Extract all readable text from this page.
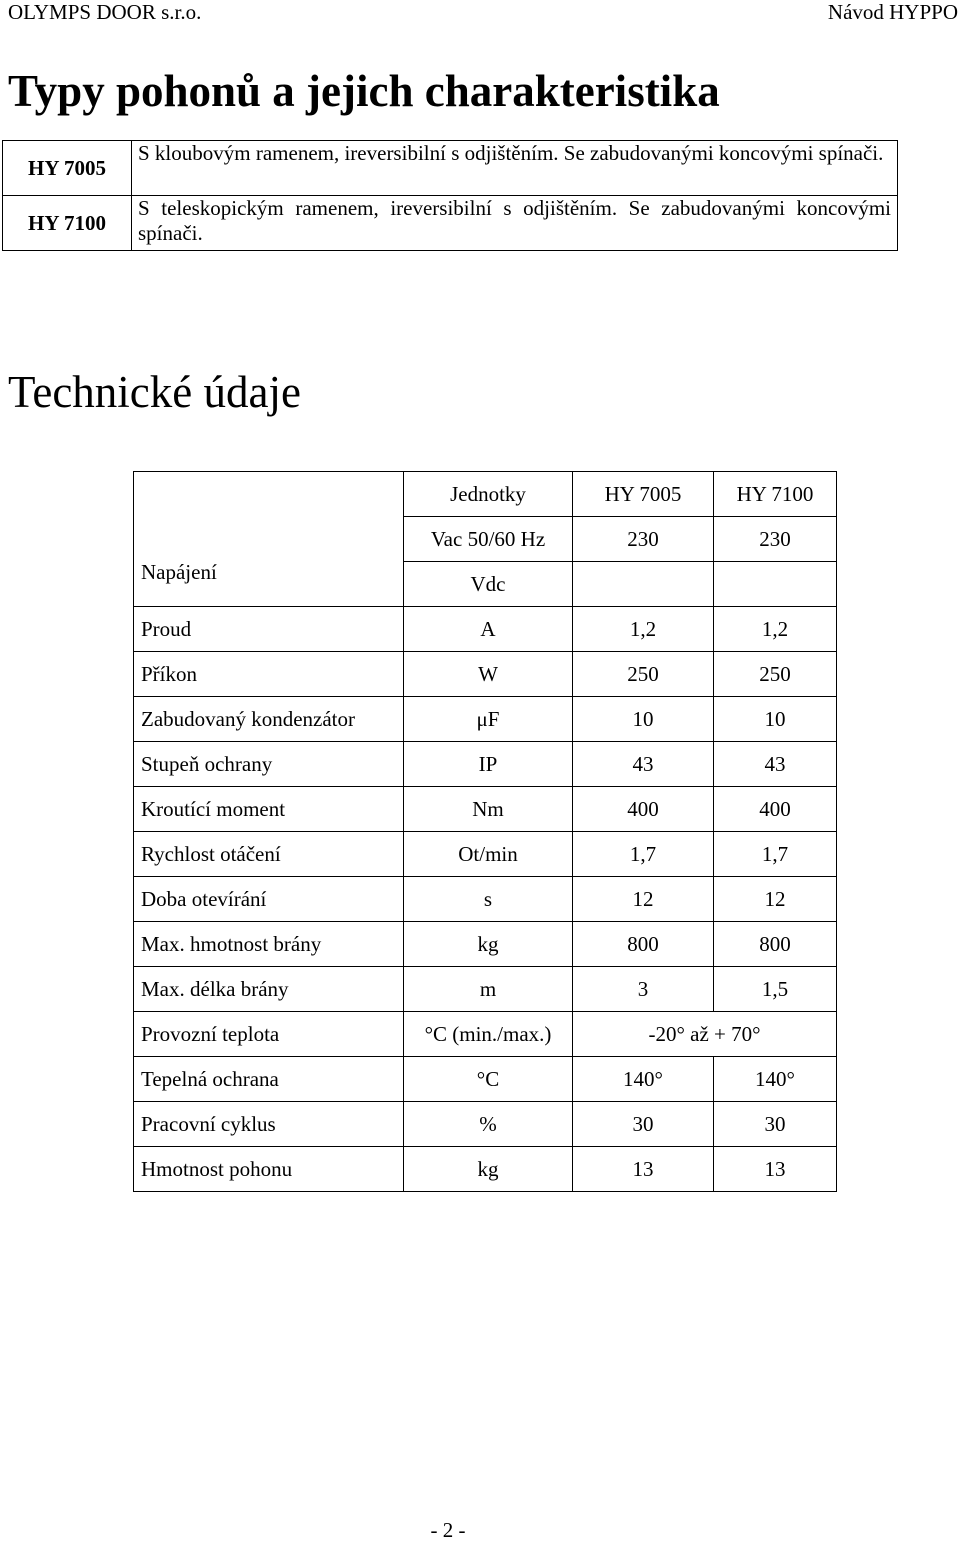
OLYMPS DOOR s.r.o.	Návod HYPPO
Typy pohonů a jejich charakteristika
HY 7005	S kloubovým ramenem, ireversibilní s odjištěním. Se zabudovanými koncovými spínači.
HY 7100	S teleskopickým ramenem, ireversibilní s odjištěním. Se zabudovanými koncovými spínači.
Technické údaje
	Jednotky	HY 7005	HY 7100
Napájení	Vac 50/60 Hz	230	230
	Vdc		
Proud	A	1,2	1,2
Příkon	W	250	250
Zabudovaný kondenzátor	μF	10	10
Stupeň ochrany	IP	43	43
Kroutící moment	Nm	400	400
Rychlost otáčení	Ot/min	1,7	1,7
Doba otevírání	s	12	12
Max. hmotnost brány	kg	800	800
Max. délka brány	m	3	1,5
Provozní teplota	°C (min./max.)	-20° až + 70°	
Tepelná ochrana	°C	140°	140°
Pracovní cyklus	%	30	30
Hmotnost pohonu	kg	13	13
- 2 -
